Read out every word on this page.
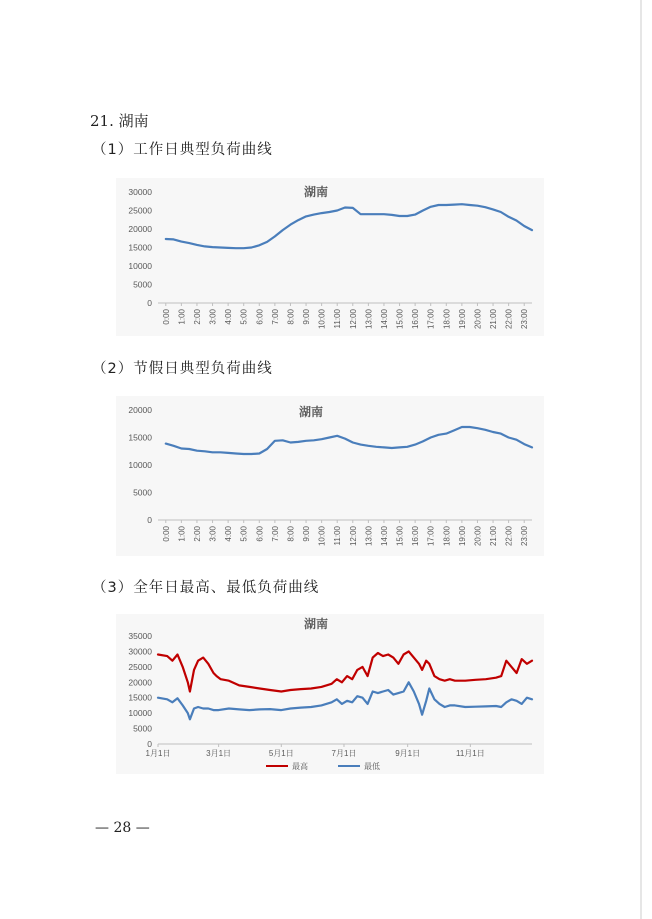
21. 湖南
（1）工作日典型负荷曲线
湖南
0
5000
10000
15000
20000
25000
30000
0:00 1:00 2:00 3:00 4:00 5:00 6:00 7:00 8:00 9:00 10:00 11:00 12:00 13:00 14:00 15:00 16:00 17:00 18:00 19:00 20:00 21:00 22:00 23:00
（2）节假日典型负荷曲线
湖南
0
5000
10000
15000
20000
0:00 1:00 2:00 3:00 4:00 5:00 6:00 7:00 8:00 9:00 10:00 11:00 12:00 13:00 14:00 15:00 16:00 17:00 18:00 19:00 20:00 21:00 22:00 23:00
（3）全年日最高、最低负荷曲线
湖南
0
5000
10000
15000
20000
25000
30000
35000
1月1日	3月1日	5月1日	7月1日	9月1日	11月1日
最高	最低
— 28 —
